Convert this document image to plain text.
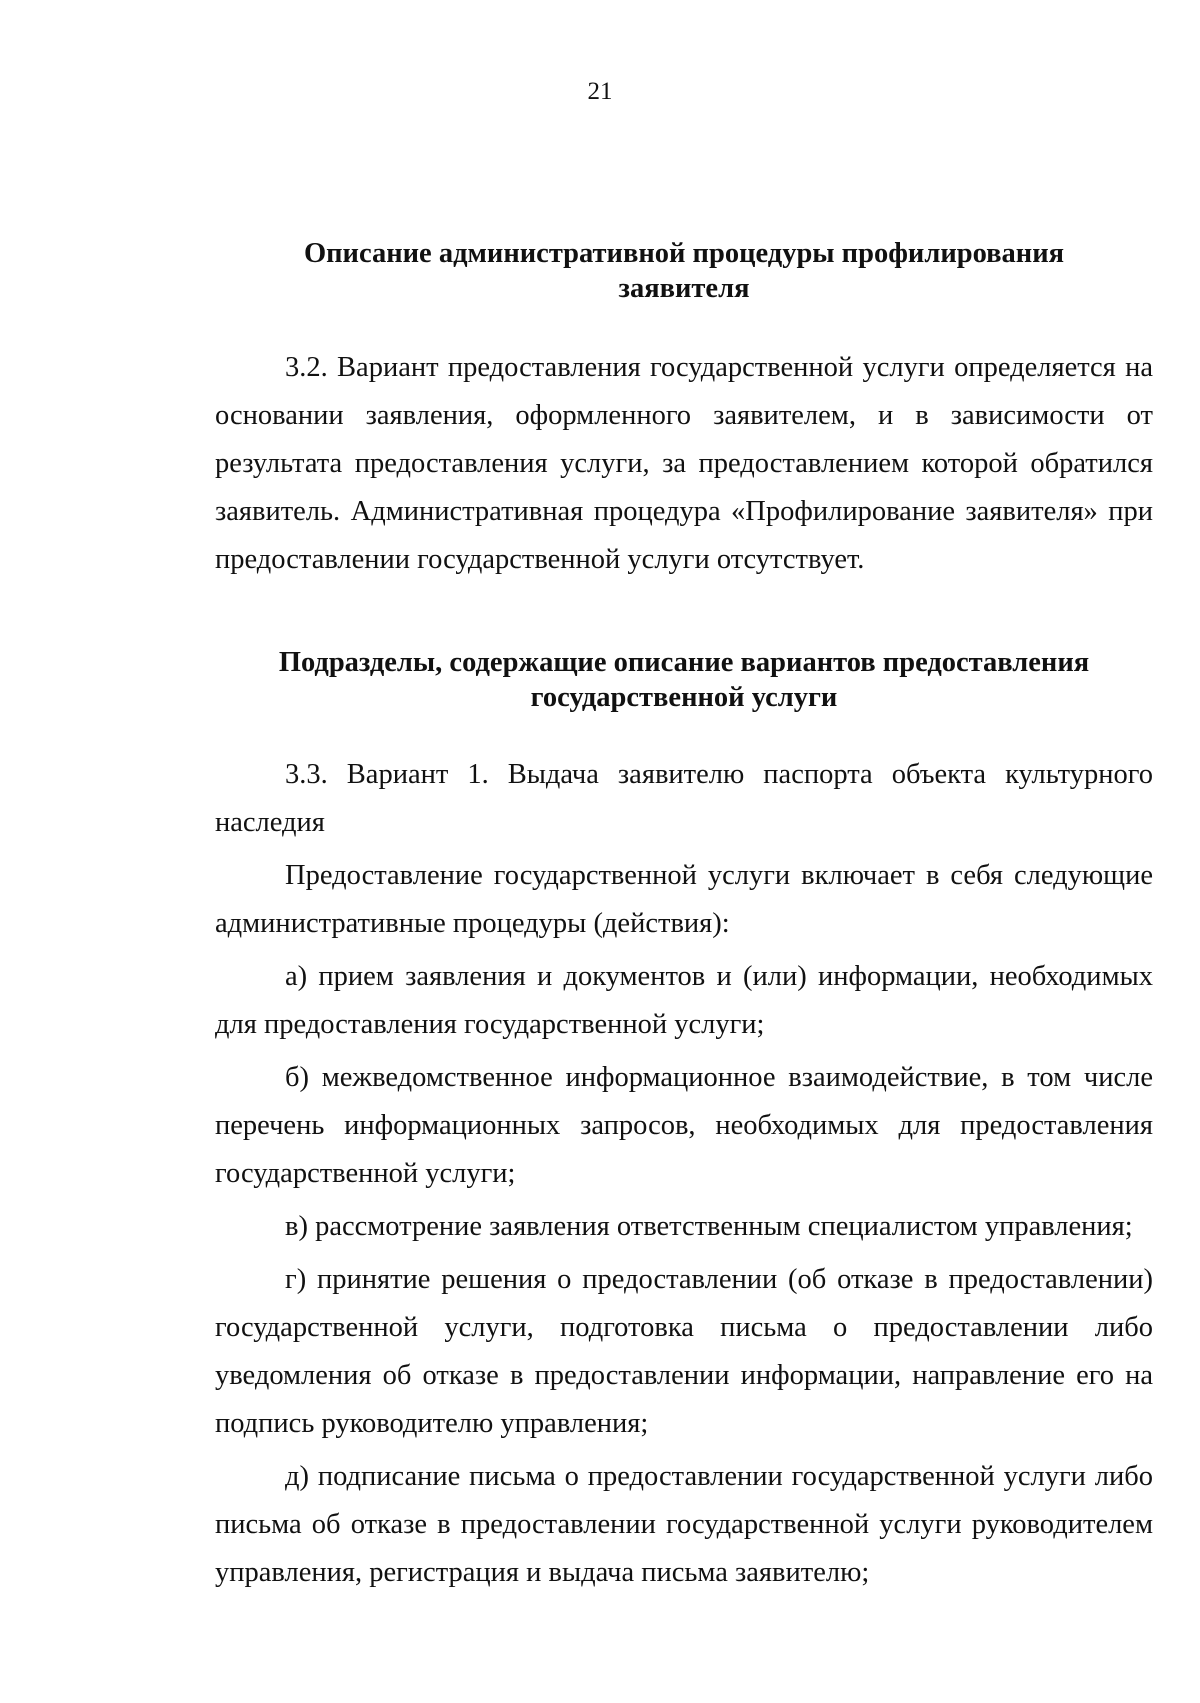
21
Описание административной процедуры профилирования
заявителя

3.2. Вариант предоставления государственной услуги определяется на основании заявления, оформленного заявителем, и в зависимости от результата предоставления услуги, за предоставлением которой обратился заявитель. Административная процедура «Профилирование заявителя» при предоставлении государственной услуги отсутствует.

Подразделы, содержащие описание вариантов предоставления
государственной услуги

3.3. Вариант 1. Выдача заявителю паспорта объекта культурного наследия

Предоставление государственной услуги включает в себя следующие административные процедуры (действия):

а) прием заявления и документов и (или) информации, необходимых для предоставления государственной услуги;

б) межведомственное информационное взаимодействие, в том числе перечень информационных запросов, необходимых для предоставления государственной услуги;

в) рассмотрение заявления ответственным специалистом управления;

г) принятие решения о предоставлении (об отказе в предоставлении) государственной услуги, подготовка письма о предоставлении либо уведомления об отказе в предоставлении информации, направление его на подпись руководителю управления;

д) подписание письма о предоставлении государственной услуги либо письма об отказе в предоставлении государственной услуги руководителем управления, регистрация и выдача письма заявителю;
